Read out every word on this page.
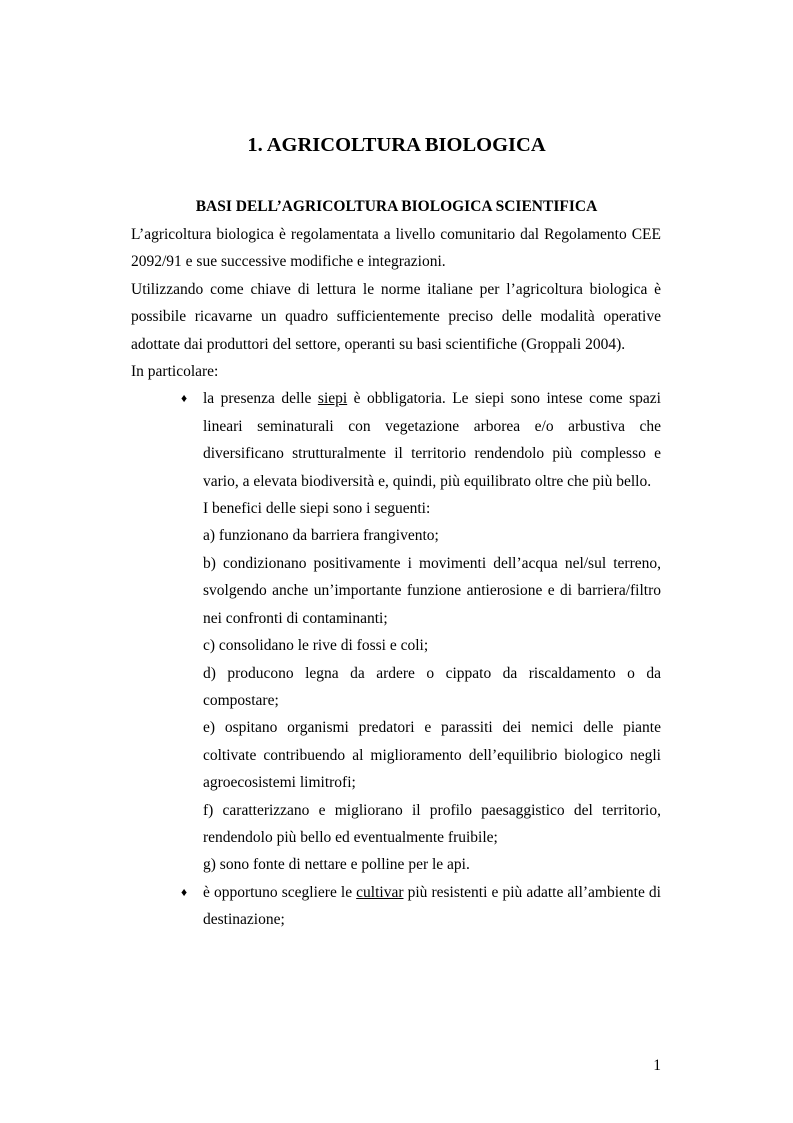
1. AGRICOLTURA BIOLOGICA
BASI DELL’AGRICOLTURA BIOLOGICA SCIENTIFICA

L’agricoltura biologica è regolamentata a livello comunitario dal Regolamento CEE 2092/91 e sue successive modifiche e integrazioni.

Utilizzando come chiave di lettura le norme italiane per l’agricoltura biologica è possibile ricavarne un quadro sufficientemente preciso delle modalità operative adottate dai produttori del settore, operanti su basi scientifiche (Groppali 2004).

In particolare:

♦ la presenza delle siepi è obbligatoria. Le siepi sono intese come spazi lineari seminaturali con vegetazione arborea e/o arbustiva che diversificano strutturalmente il territorio rendendolo più complesso e vario, a elevata biodiversità e, quindi, più equilibrato oltre che più bello.

I benefici delle siepi sono i seguenti:

a) funzionano da barriera frangivento;

b) condizionano positivamente i movimenti dell’acqua nel/sul terreno, svolgendo anche un’importante funzione antierosione e di barriera/filtro nei confronti di contaminanti;

c) consolidano le rive di fossi e coli;

d) producono legna da ardere o cippato da riscaldamento o da compostare;

e) ospitano organismi predatori e parassiti dei nemici delle piante coltivate contribuendo al miglioramento dell’equilibrio biologico negli agroecosistemi limitrofi;

f) caratterizzano e migliorano il profilo paesaggistico del territorio, rendendolo più bello ed eventualmente fruibile;

g) sono fonte di nettare e polline per le api.

♦ è opportuno scegliere le cultivar più resistenti e più adatte all’ambiente di destinazione;

1
